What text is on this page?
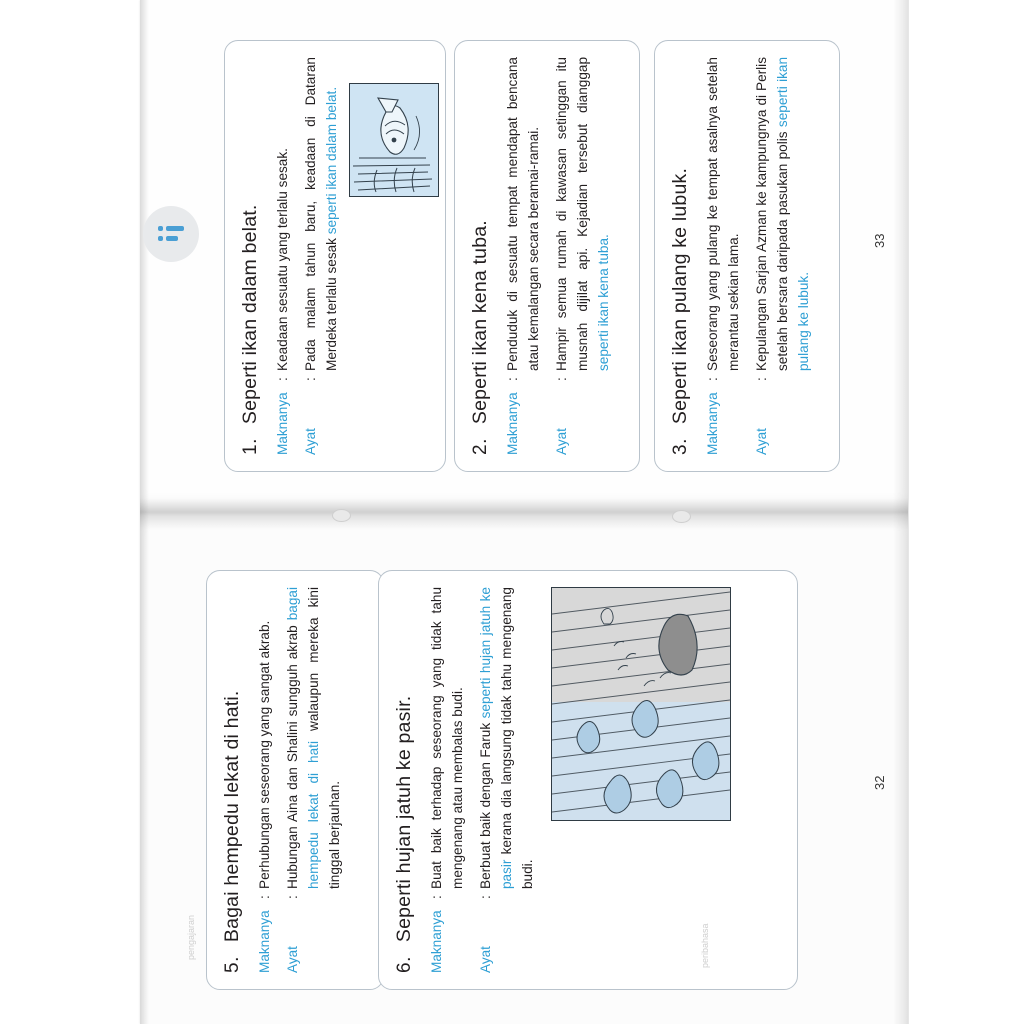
1.
Seperti ikan dalam belat. Maknanya
:
Keadaan sesuatu yang terlalu sesak.
Ayat
:
Pada malam tahun baru, keadaan di Dataran Merdeka terlalu sesak seperti ikan dalam belat.
2.
Seperti ikan kena tuba. Maknanya
:
Penduduk di sesuatu tempat mendapat bencana atau kemalangan secara beramai-ramai.
Ayat
:
Hampir semua rumah di kawasan setinggan itu musnah dijilat api. Kejadian tersebut dianggap seperti ikan kena tuba.
3.
Seperti ikan pulang ke lubuk. Maknanya
:
Seseorang yang pulang ke tempat asalnya setelah merantau sekian lama.
Ayat
:
Kepulangan Sarjan Azman ke kampungnya di Perlis setelah bersara daripada pasukan polis seperti ikan pulang ke lubuk.
33
5.
Bagai hempedu lekat di hati. Maknanya
:
Perhubungan seseorang yang sangat akrab.
Ayat
:
Hubungan Aina dan Shalini sungguh akrab bagai hempedu lekat di hati walaupun mereka kini tinggal berjauhan.
6.
Seperti hujan jatuh ke pasir. Maknanya
:
Buat baik terhadap seseorang yang tidak tahu mengenang atau membalas budi.
Ayat
:
Berbuat baik dengan Faruk seperti hujan jatuh ke pasir kerana dia langsung tidak tahu mengenang budi.
32
pengajaran	peribahasa
